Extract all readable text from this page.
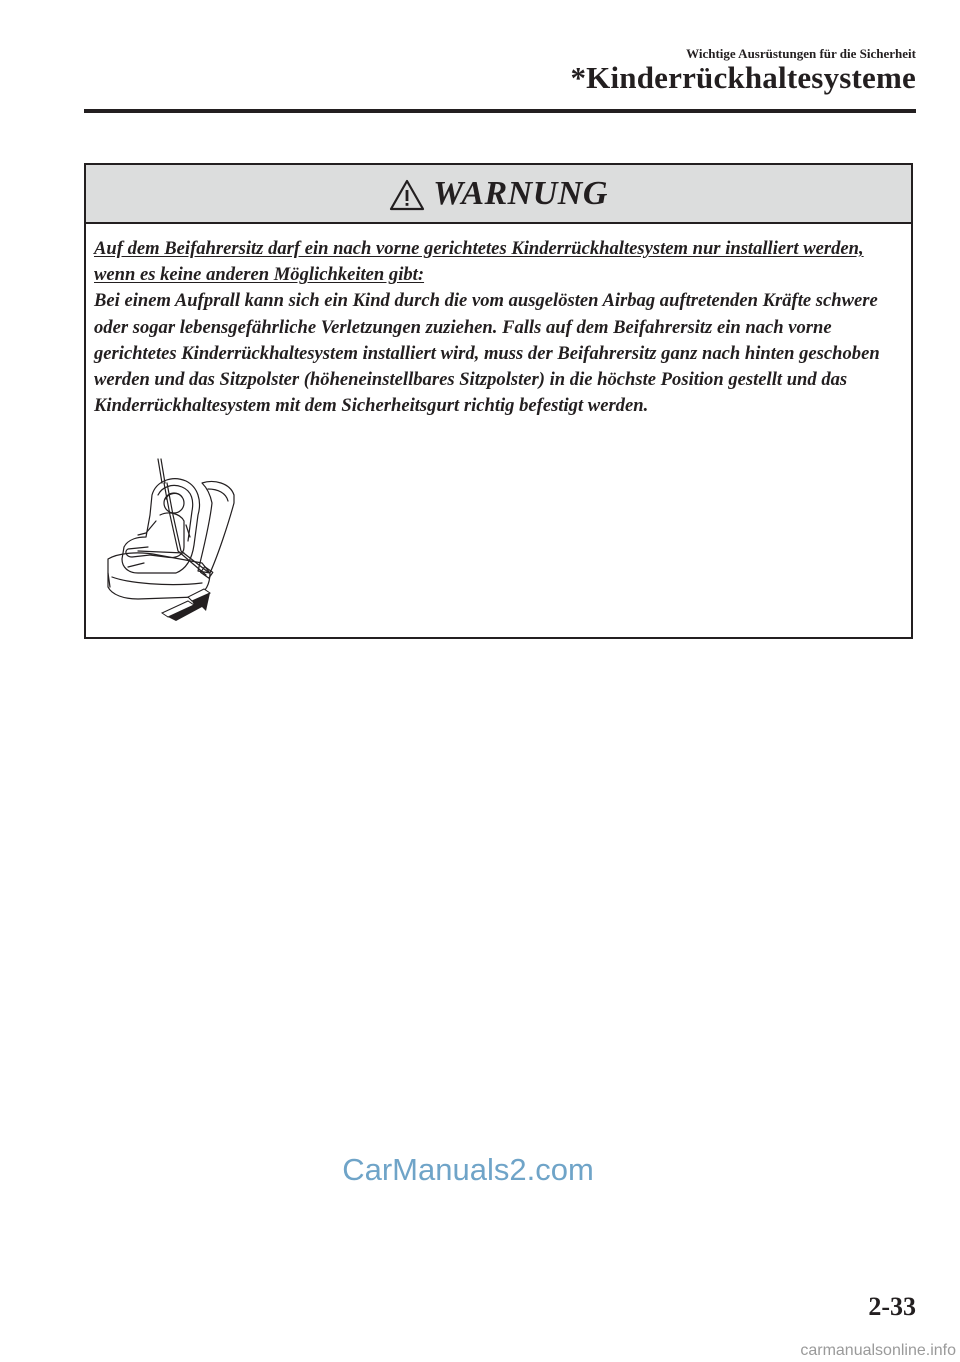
Wichtige Ausrüstungen für die Sicherheit
*Kinderrückhaltesysteme
WARNUNG
Auf dem Beifahrersitz darf ein nach vorne gerichtetes Kinderrückhaltesystem nur installiert werden, wenn es keine anderen Möglichkeiten gibt:
Bei einem Aufprall kann sich ein Kind durch die vom ausgelösten Airbag auftretenden Kräfte schwere oder sogar lebensgefährliche Verletzungen zuziehen. Falls auf dem Beifahrersitz ein nach vorne gerichtetes Kinderrückhaltesystem installiert wird, muss der Beifahrersitz ganz nach hinten geschoben werden und das Sitzpolster (höheneinstellbares Sitzpolster) in die höchste Position gestellt und das Kinderrückhaltesystem mit dem Sicherheitsgurt richtig befestigt werden.
CarManuals2.com
2-33
carmanualsonline.info
